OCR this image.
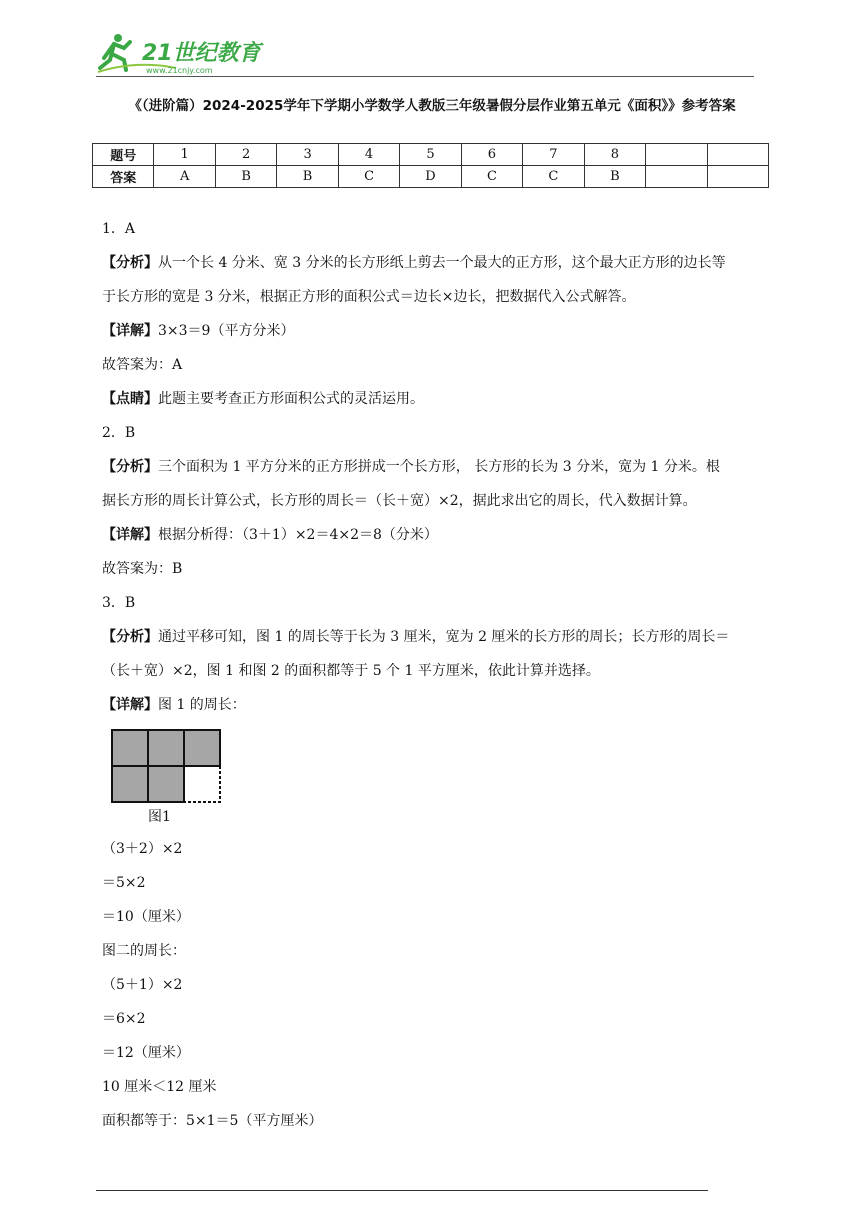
21世纪教育
www.21cnjy.com
《（进阶篇）2024-2025学年下学期小学数学人教版三年级暑假分层作业第五单元《面积》》参考答案
题号	1	2	3	4	5	6	7	8		
答案	A	B	B	C	D	C	C	B		
1．A
【分析】从一个长 4 分米、宽 3 分米的长方形纸上剪去一个最大的正方形，这个最大正方形的边长等
于长方形的宽是 3 分米，根据正方形的面积公式＝边长×边长，把数据代入公式解答。
【详解】3×3＝9（平方分米）
故答案为：A
【点睛】此题主要考查正方形面积公式的灵活运用。
2．B
【分析】三个面积为 1 平方分米的正方形拼成一个长方形， 长方形的长为 3 分米，宽为 1 分米。根
据长方形的周长计算公式，长方形的周长＝（长＋宽）×2，据此求出它的周长，代入数据计算。
【详解】根据分析得：（3＋1）×2＝4×2＝8（分米）
故答案为：B
3．B
【分析】通过平移可知，图 1 的周长等于长为 3 厘米，宽为 2 厘米的长方形的周长；长方形的周长＝
（长＋宽）×2，图 1 和图 2 的面积都等于 5 个 1 平方厘米，依此计算并选择。
【详解】图 1 的周长：
图1
（3＋2）×2
＝5×2
＝10（厘米）
图二的周长：
（5＋1）×2
＝6×2
＝12（厘米）
10 厘米＜12 厘米
面积都等于：5×1＝5（平方厘米）
